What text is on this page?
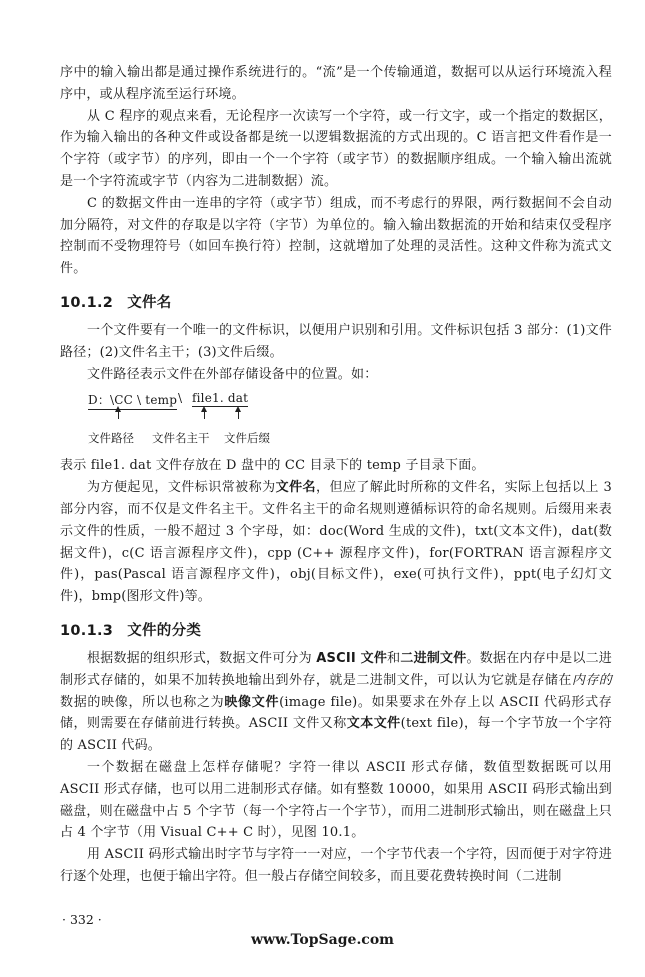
序中的输入输出都是通过操作系统进行的。“流”是一个传输通道，数据可以从运行环境流入程序中，或从程序流至运行环境。

从 C 程序的观点来看，无论程序一次读写一个字符，或一行文字，或一个指定的数据区，作为输入输出的各种文件或设备都是统一以逻辑数据流的方式出现的。C 语言把文件看作是一个字符（或字节）的序列，即由一个一个字符（或字节）的数据顺序组成。一个输入输出流就是一个字符流或字节（内容为二进制数据）流。

C 的数据文件由一连串的字符（或字节）组成，而不考虑行的界限，两行数据间不会自动加分隔符，对文件的存取是以字符（字节）为单位的。输入输出数据流的开始和结束仅受程序控制而不受物理符号（如回车换行符）控制，这就增加了处理的灵活性。这种文件称为流式文件。

10.1.2 文件名

一个文件要有一个唯一的文件标识，以便用户识别和引用。文件标识包括 3 部分：(1)文件路径；(2)文件名主干；(3)文件后缀。

文件路径表示文件在外部存储设备中的位置。如：

D：\CC \ temp \ file1. dat
文件路径 文件名主干 文件后缀

表示 file1. dat 文件存放在 D 盘中的 CC 目录下的 temp 子目录下面。

为方便起见，文件标识常被称为文件名，但应了解此时所称的文件名，实际上包括以上 3 部分内容，而不仅是文件名主干。文件名主干的命名规则遵循标识符的命名规则。后缀用来表示文件的性质，一般不超过 3 个字母，如：doc(Word 生成的文件)，txt(文本文件)，dat(数据文件)，c(C 语言源程序文件)，cpp (C++ 源程序文件)，for(FORTRAN 语言源程序文件)，pas(Pascal 语言源程序文件)，obj(目标文件)，exe(可执行文件)，ppt(电子幻灯文件)，bmp(图形文件)等。

10.1.3 文件的分类

根据数据的组织形式，数据文件可分为 ASCII 文件和二进制文件。数据在内存中是以二进制形式存储的，如果不加转换地输出到外存，就是二进制文件，可以认为它就是存储在内存的数据的映像，所以也称之为映像文件(image file)。如果要求在外存上以 ASCII 代码形式存储，则需要在存储前进行转换。ASCII 文件又称文本文件(text file)，每一个字节放一个字符的 ASCII 代码。

一个数据在磁盘上怎样存储呢？字符一律以 ASCII 形式存储，数值型数据既可以用 ASCII 形式存储，也可以用二进制形式存储。如有整数 10000，如果用 ASCII 码形式输出到磁盘，则在磁盘中占 5 个字节（每一个字符占一个字节），而用二进制形式输出，则在磁盘上只占 4 个字节（用 Visual C++ C 时），见图 10.1。

用 ASCII 码形式输出时字节与字符一一对应，一个字节代表一个字符，因而便于对字符进行逐个处理，也便于输出字符。但一般占存储空间较多，而且要花费转换时间（二进制

· 332 ·
www.TopSage.com
